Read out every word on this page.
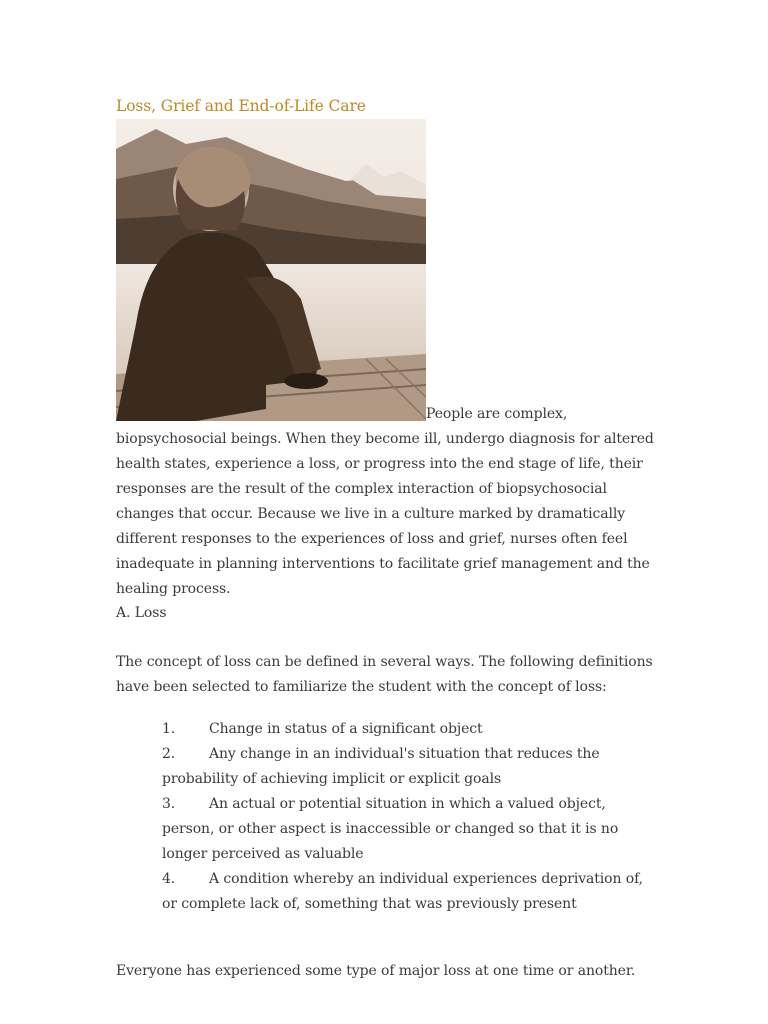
Loss, Grief and End-of-Life Care
People are complex,
biopsychosocial beings. When they become ill, undergo diagnosis for altered health states, experience a loss, or progress into the end stage of life, their responses are the result of the complex interaction of biopsychosocial changes that occur. Because we live in a culture marked by dramatically different responses to the experiences of loss and grief, nurses often feel inadequate in planning interventions to facilitate grief management and the healing process.
A. Loss
The concept of loss can be defined in several ways. The following definitions have been selected to familiarize the student with the concept of loss:
1. Change in status of a significant object
2. Any change in an individual's situation that reduces the probability of achieving implicit or explicit goals
3. An actual or potential situation in which a valued object, person, or other aspect is inaccessible or changed so that it is no longer perceived as valuable
4. A condition whereby an individual experiences deprivation of, or complete lack of, something that was previously present
Everyone has experienced some type of major loss at one time or another.
